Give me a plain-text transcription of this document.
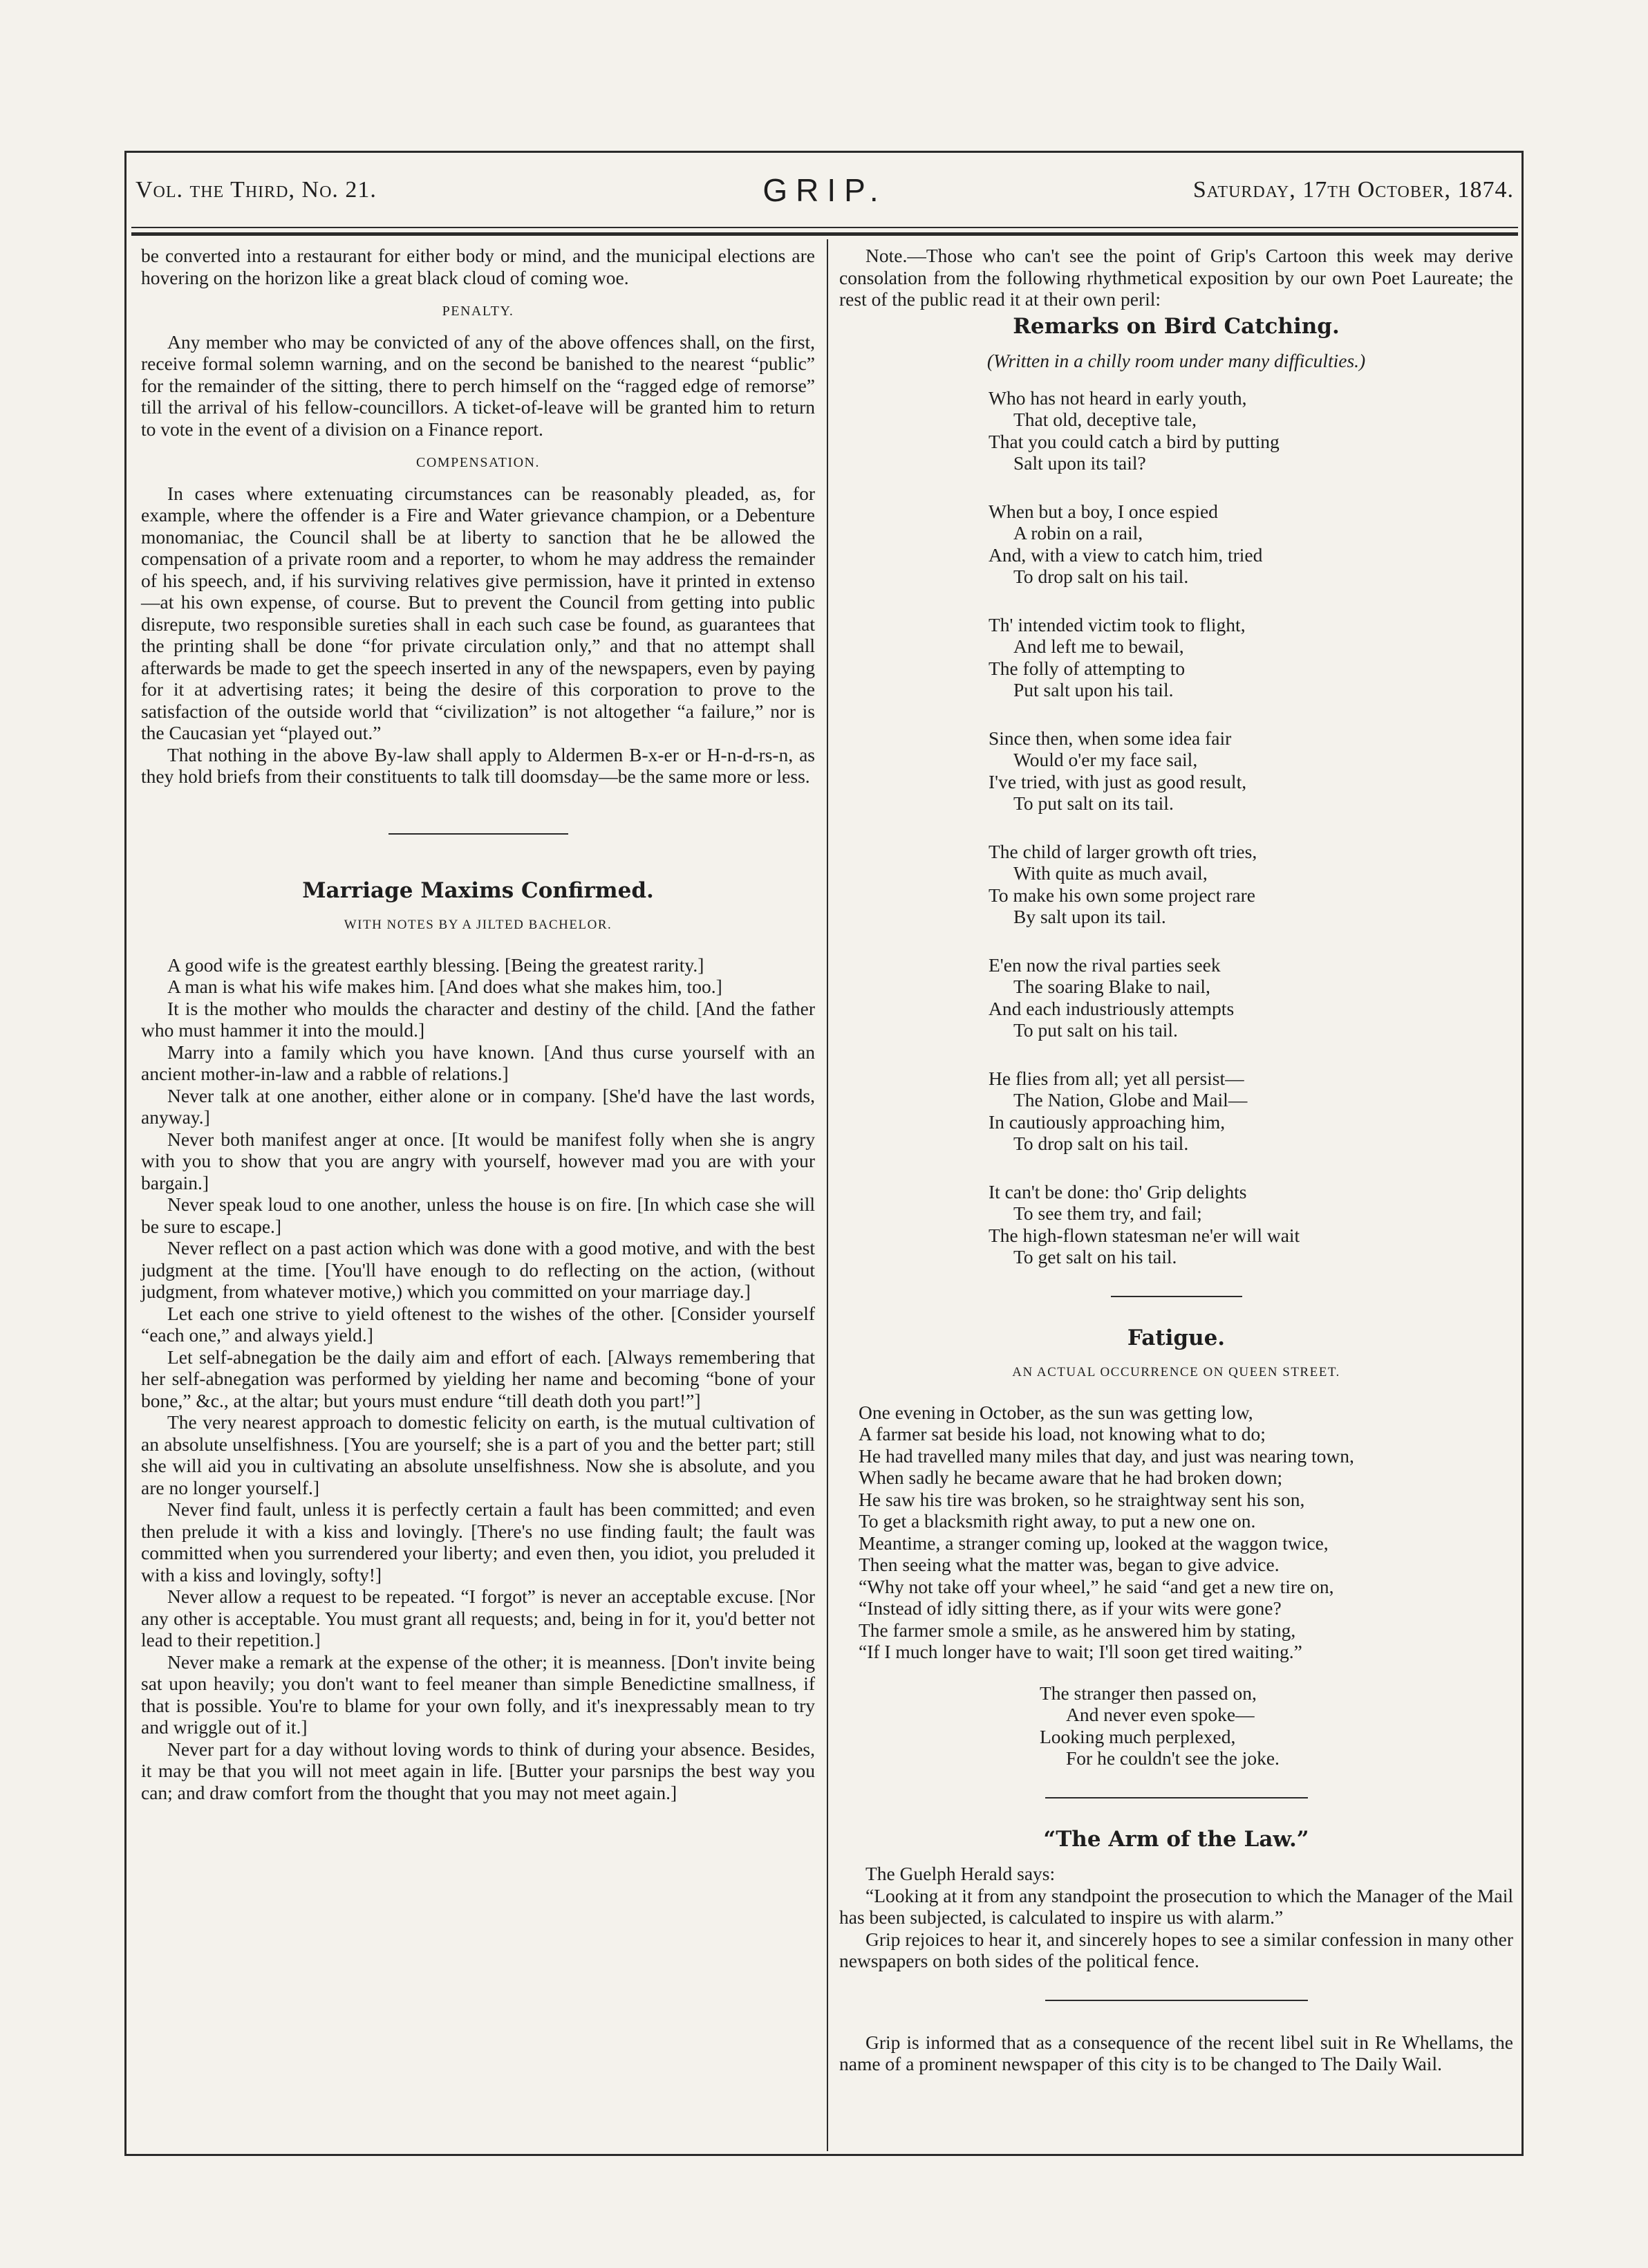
Vol. the Third, No. 21.	GRIP.	Saturday, 17th October, 1874.

be converted into a restaurant for either body or mind, and the municipal elections are hovering on the horizon like a great black cloud of coming woe.

PENALTY.

Any member who may be convicted of any of the above offences shall, on the first, receive formal solemn warning, and on the second be banished to the nearest “public” for the remainder of the sitting, there to perch himself on the “ragged edge of remorse” till the arrival of his fellow-councillors. A ticket-of-leave will be granted him to return to vote in the event of a division on a Finance report.

COMPENSATION.

In cases where extenuating circumstances can be reasonably pleaded, as, for example, where the offender is a Fire and Water grievance champion, or a Debenture monomaniac, the Council shall be at liberty to sanction that he be allowed the compensation of a private room and a reporter, to whom he may address the remainder of his speech, and, if his surviving relatives give permission, have it printed in extenso—at his own expense, of course. But to prevent the Council from getting into public disrepute, two responsible sureties shall in each such case be found, as guarantees that the printing shall be done “for private circulation only,” and that no attempt shall afterwards be made to get the speech inserted in any of the newspapers, even by paying for it at advertising rates; it being the desire of this corporation to prove to the satisfaction of the outside world that “civilization” is not altogether “a failure,” nor is the Caucasian yet “played out.”

That nothing in the above By-law shall apply to Aldermen B-x-er or H-n-d-rs-n, as they hold briefs from their constituents to talk till doomsday—be the same more or less.

Marriage Maxims Confirmed.
WITH NOTES BY A JILTED BACHELOR.

A good wife is the greatest earthly blessing. [Being the greatest rarity.]

A man is what his wife makes him. [And does what she makes him, too.]

It is the mother who moulds the character and destiny of the child. [And the father who must hammer it into the mould.]

Marry into a family which you have known. [And thus curse yourself with an ancient mother-in-law and a rabble of relations.]

Never talk at one another, either alone or in company. [She'd have the last words, anyway.]

Never both manifest anger at once. [It would be manifest folly when she is angry with you to show that you are angry with yourself, however mad you are with your bargain.]

Never speak loud to one another, unless the house is on fire. [In which case she will be sure to escape.]

Never reflect on a past action which was done with a good motive, and with the best judgment at the time. [You'll have enough to do reflecting on the action, (without judgment, from whatever motive,) which you committed on your marriage day.]

Let each one strive to yield oftenest to the wishes of the other. [Consider yourself “each one,” and always yield.]

Let self-abnegation be the daily aim and effort of each. [Always remembering that her self-abnegation was performed by yielding her name and becoming “bone of your bone,” &c., at the altar; but yours must endure “till death doth you part!”]

The very nearest approach to domestic felicity on earth, is the mutual cultivation of an absolute unselfishness. [You are yourself; she is a part of you and the better part; still she will aid you in cultivating an absolute unselfishness. Now she is absolute, and you are no longer yourself.]

Never find fault, unless it is perfectly certain a fault has been committed; and even then prelude it with a kiss and lovingly. [There's no use finding fault; the fault was committed when you surrendered your liberty; and even then, you idiot, you preluded it with a kiss and lovingly, softy!]

Never allow a request to be repeated. “I forgot” is never an acceptable excuse. [Nor any other is acceptable. You must grant all requests; and, being in for it, you'd better not lead to their repetition.]

Never make a remark at the expense of the other; it is meanness. [Don't invite being sat upon heavily; you don't want to feel meaner than simple Benedictine smallness, if that is possible. You're to blame for your own folly, and it's inexpressably mean to try and wriggle out of it.]

Never part for a day without loving words to think of during your absence. Besides, it may be that you will not meet again in life. [Butter your parsnips the best way you can; and draw comfort from the thought that you may not meet again.]

Note.—Those who can't see the point of Grip's Cartoon this week may derive consolation from the following rhythmetical exposition by our own Poet Laureate; the rest of the public read it at their own peril:

Remarks on Bird Catching.
(Written in a chilly room under many difficulties.)
Who has not heard in early youth,
That old, deceptive tale,
That you could catch a bird by putting
Salt upon its tail?
When but a boy, I once espied
A robin on a rail,
And, with a view to catch him, tried
To drop salt on his tail.
Th' intended victim took to flight,
And left me to bewail,
The folly of attempting to
Put salt upon his tail.
Since then, when some idea fair
Would o'er my face sail,
I've tried, with just as good result,
To put salt on its tail.
The child of larger growth oft tries,
With quite as much avail,
To make his own some project rare
By salt upon its tail.
E'en now the rival parties seek
The soaring Blake to nail,
And each industriously attempts
To put salt on his tail.
He flies from all; yet all persist—
The Nation, Globe and Mail—
In cautiously approaching him,
To drop salt on his tail.
It can't be done: tho' Grip delights
To see them try, and fail;
The high-flown statesman ne'er will wait
To get salt on his tail.
Fatigue.
AN ACTUAL OCCURRENCE ON QUEEN STREET.
One evening in October, as the sun was getting low,
A farmer sat beside his load, not knowing what to do;
He had travelled many miles that day, and just was nearing town,
When sadly he became aware that he had broken down;
He saw his tire was broken, so he straightway sent his son,
To get a blacksmith right away, to put a new one on.
Meantime, a stranger coming up, looked at the waggon twice,
Then seeing what the matter was, began to give advice.
“Why not take off your wheel,” he said “and get a new tire on,
“Instead of idly sitting there, as if your wits were gone?
The farmer smole a smile, as he answered him by stating,
“If I much longer have to wait; I'll soon get tired waiting.”
The stranger then passed on,
And never even spoke—
Looking much perplexed,
For he couldn't see the joke.
“The Arm of the Law.”

The Guelph Herald says:

“Looking at it from any standpoint the prosecution to which the Manager of the Mail has been subjected, is calculated to inspire us with alarm.”

Grip rejoices to hear it, and sincerely hopes to see a similar confession in many other newspapers on both sides of the political fence.

Grip is informed that as a consequence of the recent libel suit in Re Whellams, the name of a prominent newspaper of this city is to be changed to The Daily Wail.
